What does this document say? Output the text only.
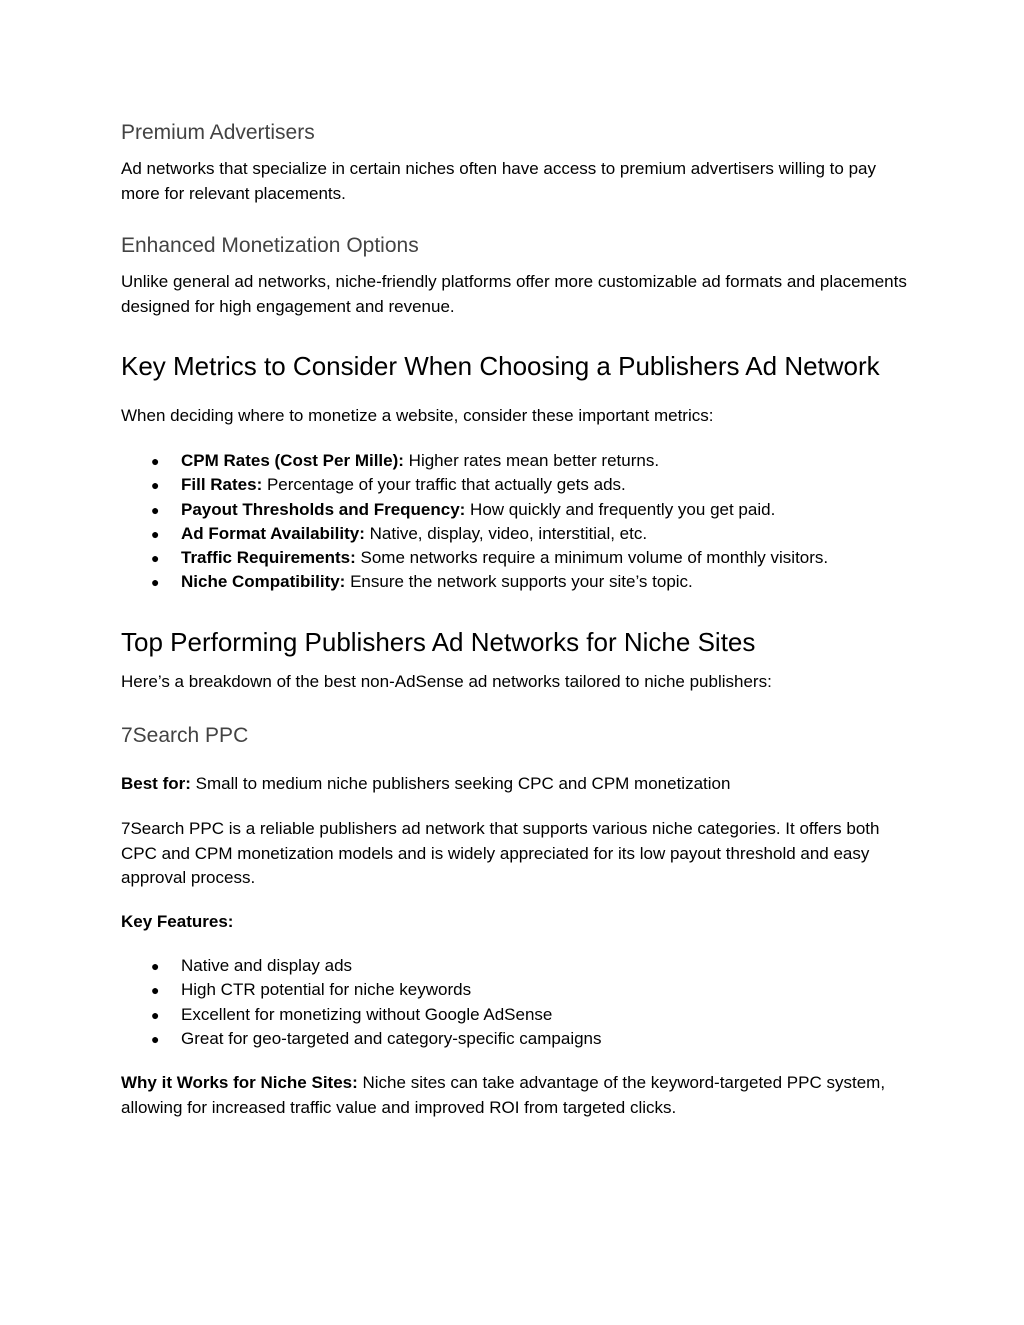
Premium Advertisers

Ad networks that specialize in certain niches often have access to premium advertisers willing to pay more for relevant placements.

Enhanced Monetization Options

Unlike general ad networks, niche-friendly platforms offer more customizable ad formats and placements designed for high engagement and revenue.

Key Metrics to Consider When Choosing a Publishers Ad Network

When deciding where to monetize a website, consider these important metrics:

● CPM Rates (Cost Per Mille): Higher rates mean better returns.
● Fill Rates: Percentage of your traffic that actually gets ads.
● Payout Thresholds and Frequency: How quickly and frequently you get paid.
● Ad Format Availability: Native, display, video, interstitial, etc.
● Traffic Requirements: Some networks require a minimum volume of monthly visitors.
● Niche Compatibility: Ensure the network supports your site’s topic.
Top Performing Publishers Ad Networks for Niche Sites

Here’s a breakdown of the best non-AdSense ad networks tailored to niche publishers:

7Search PPC

Best for: Small to medium niche publishers seeking CPC and CPM monetization

7Search PPC is a reliable publishers ad network that supports various niche categories. It offers both CPC and CPM monetization models and is widely appreciated for its low payout threshold and easy approval process.

Key Features:

● Native and display ads
● High CTR potential for niche keywords
● Excellent for monetizing without Google AdSense
● Great for geo-targeted and category-specific campaigns

Why it Works for Niche Sites: Niche sites can take advantage of the keyword-targeted PPC system, allowing for increased traffic value and improved ROI from targeted clicks.
